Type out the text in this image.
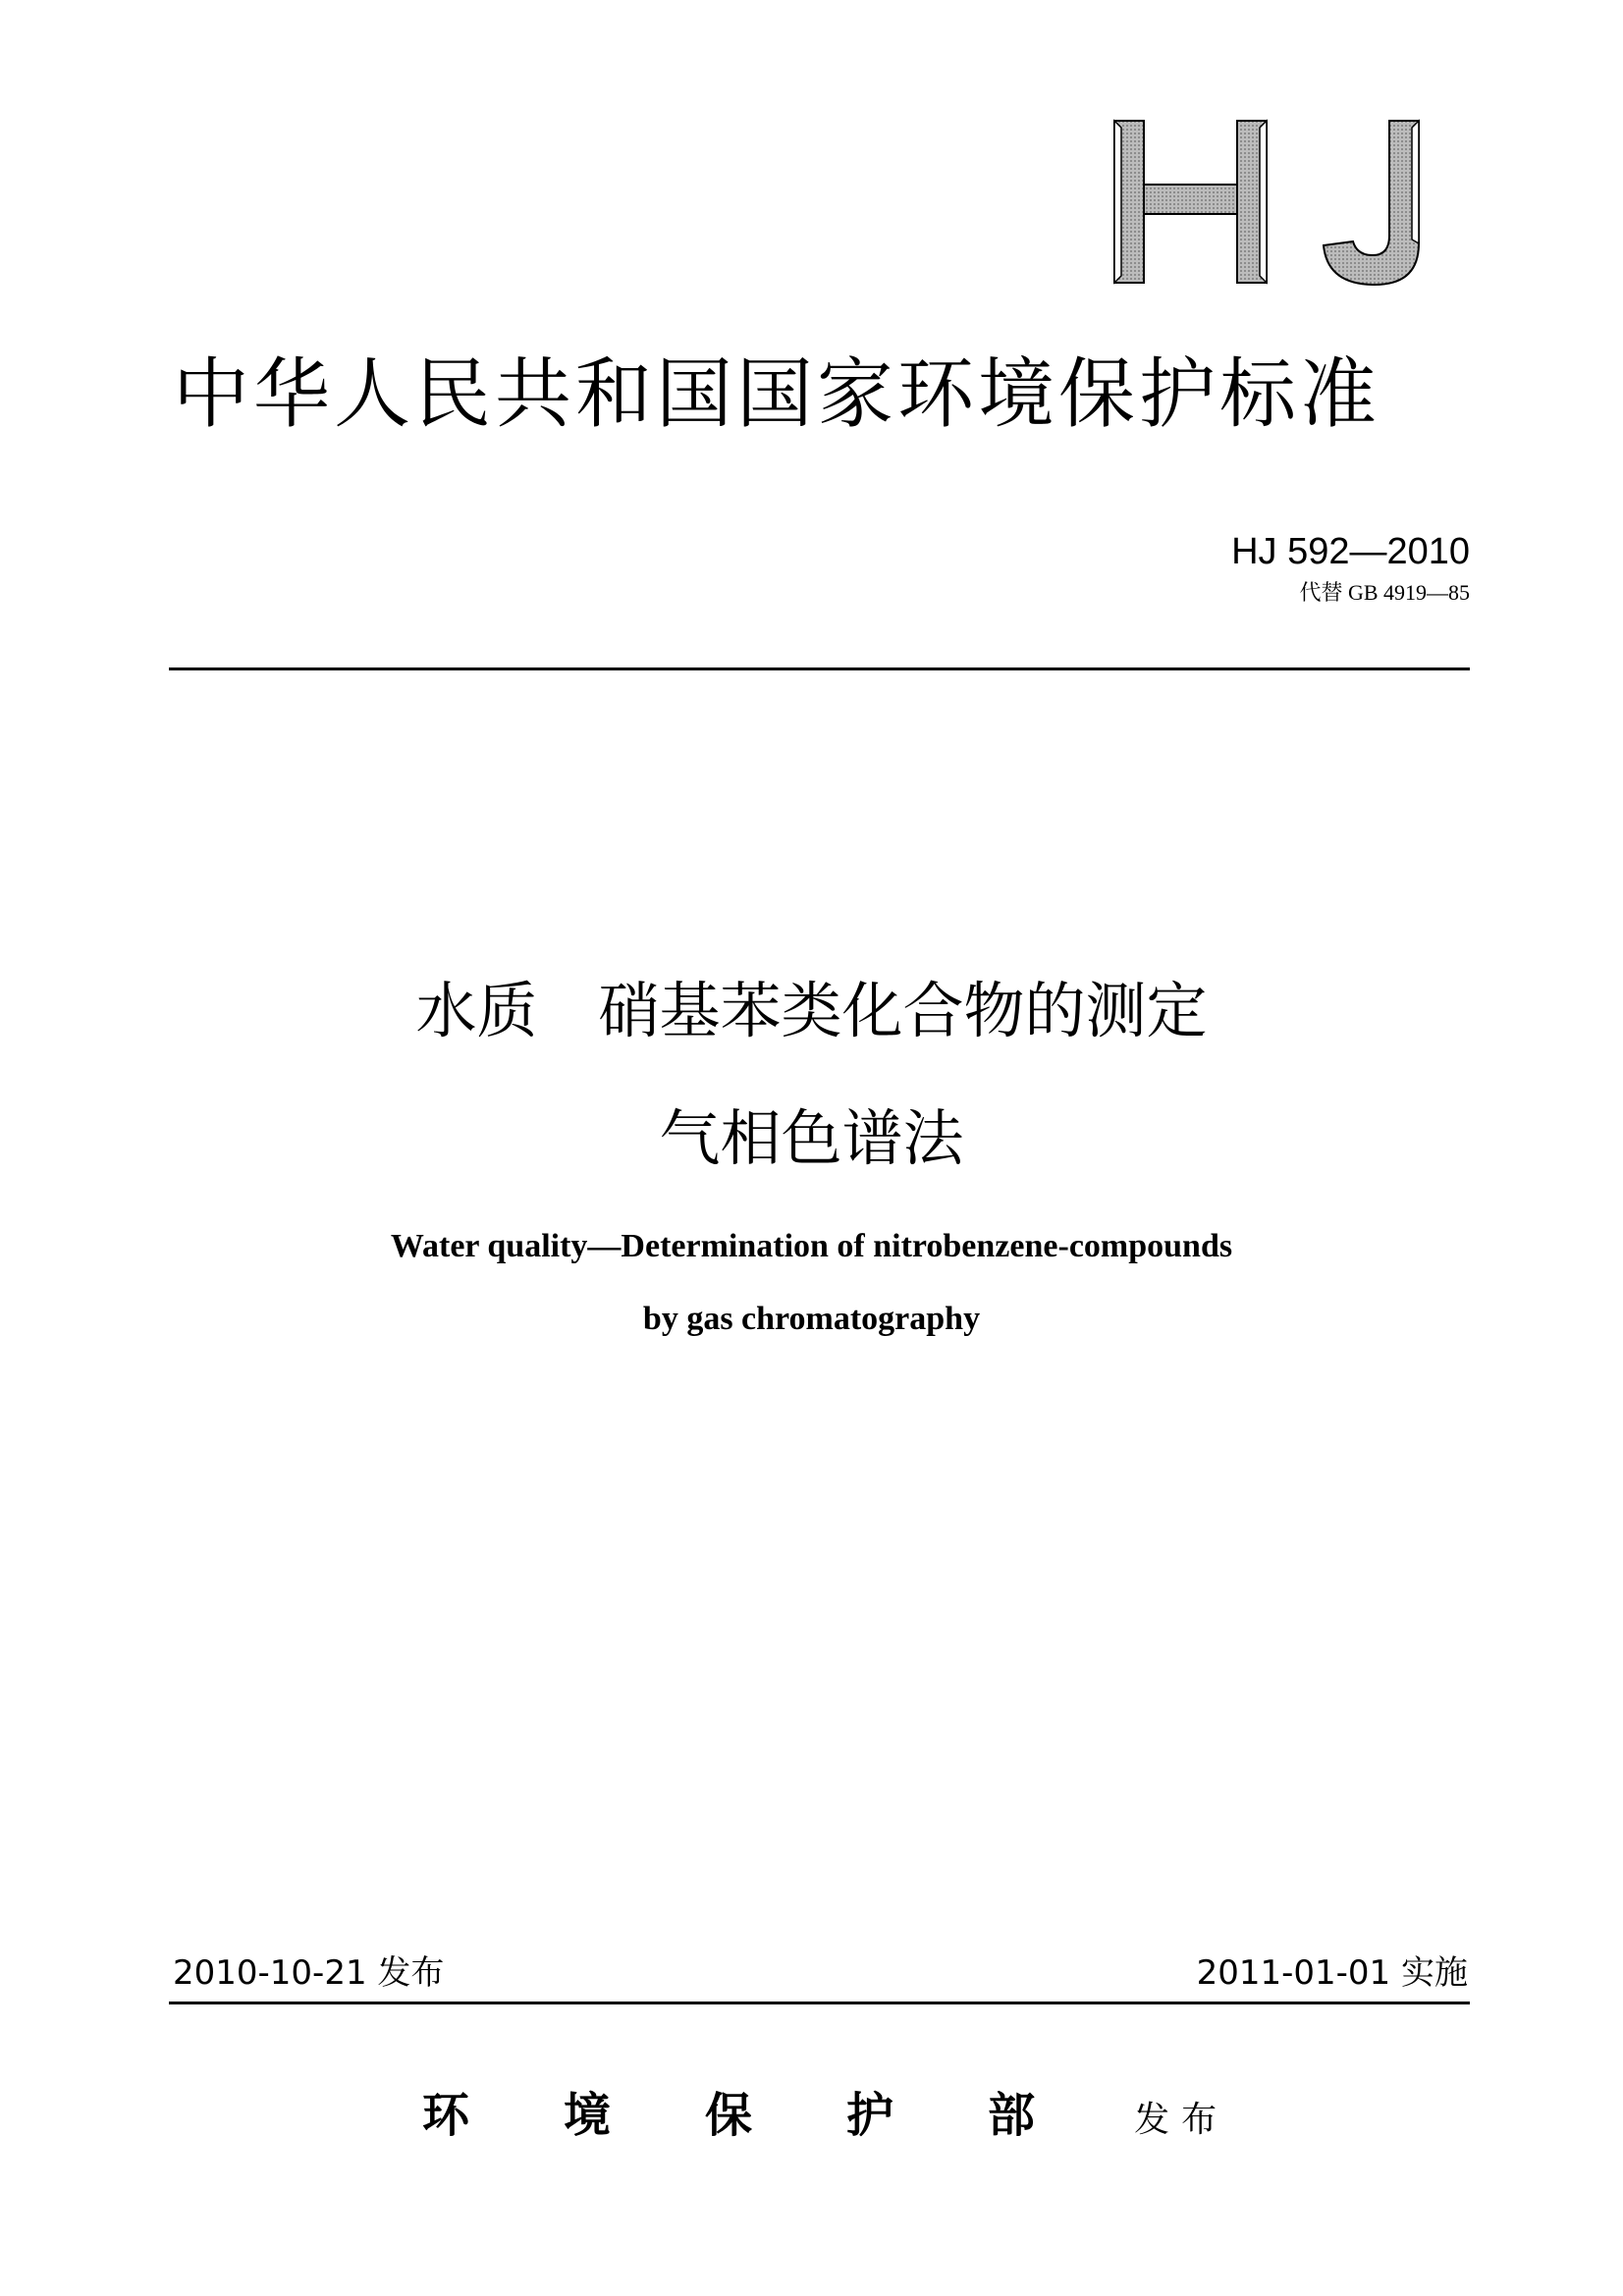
HJ
中华人民共和国国家环境保护标准
HJ 592—2010
代替 GB 4919—85
水质　硝基苯类化合物的测定
气相色谱法
Water quality—Determination of nitrobenzene-compounds
by gas chromatography
2010-10-21 发布	2011-01-01 实施
环境保护部 发布
